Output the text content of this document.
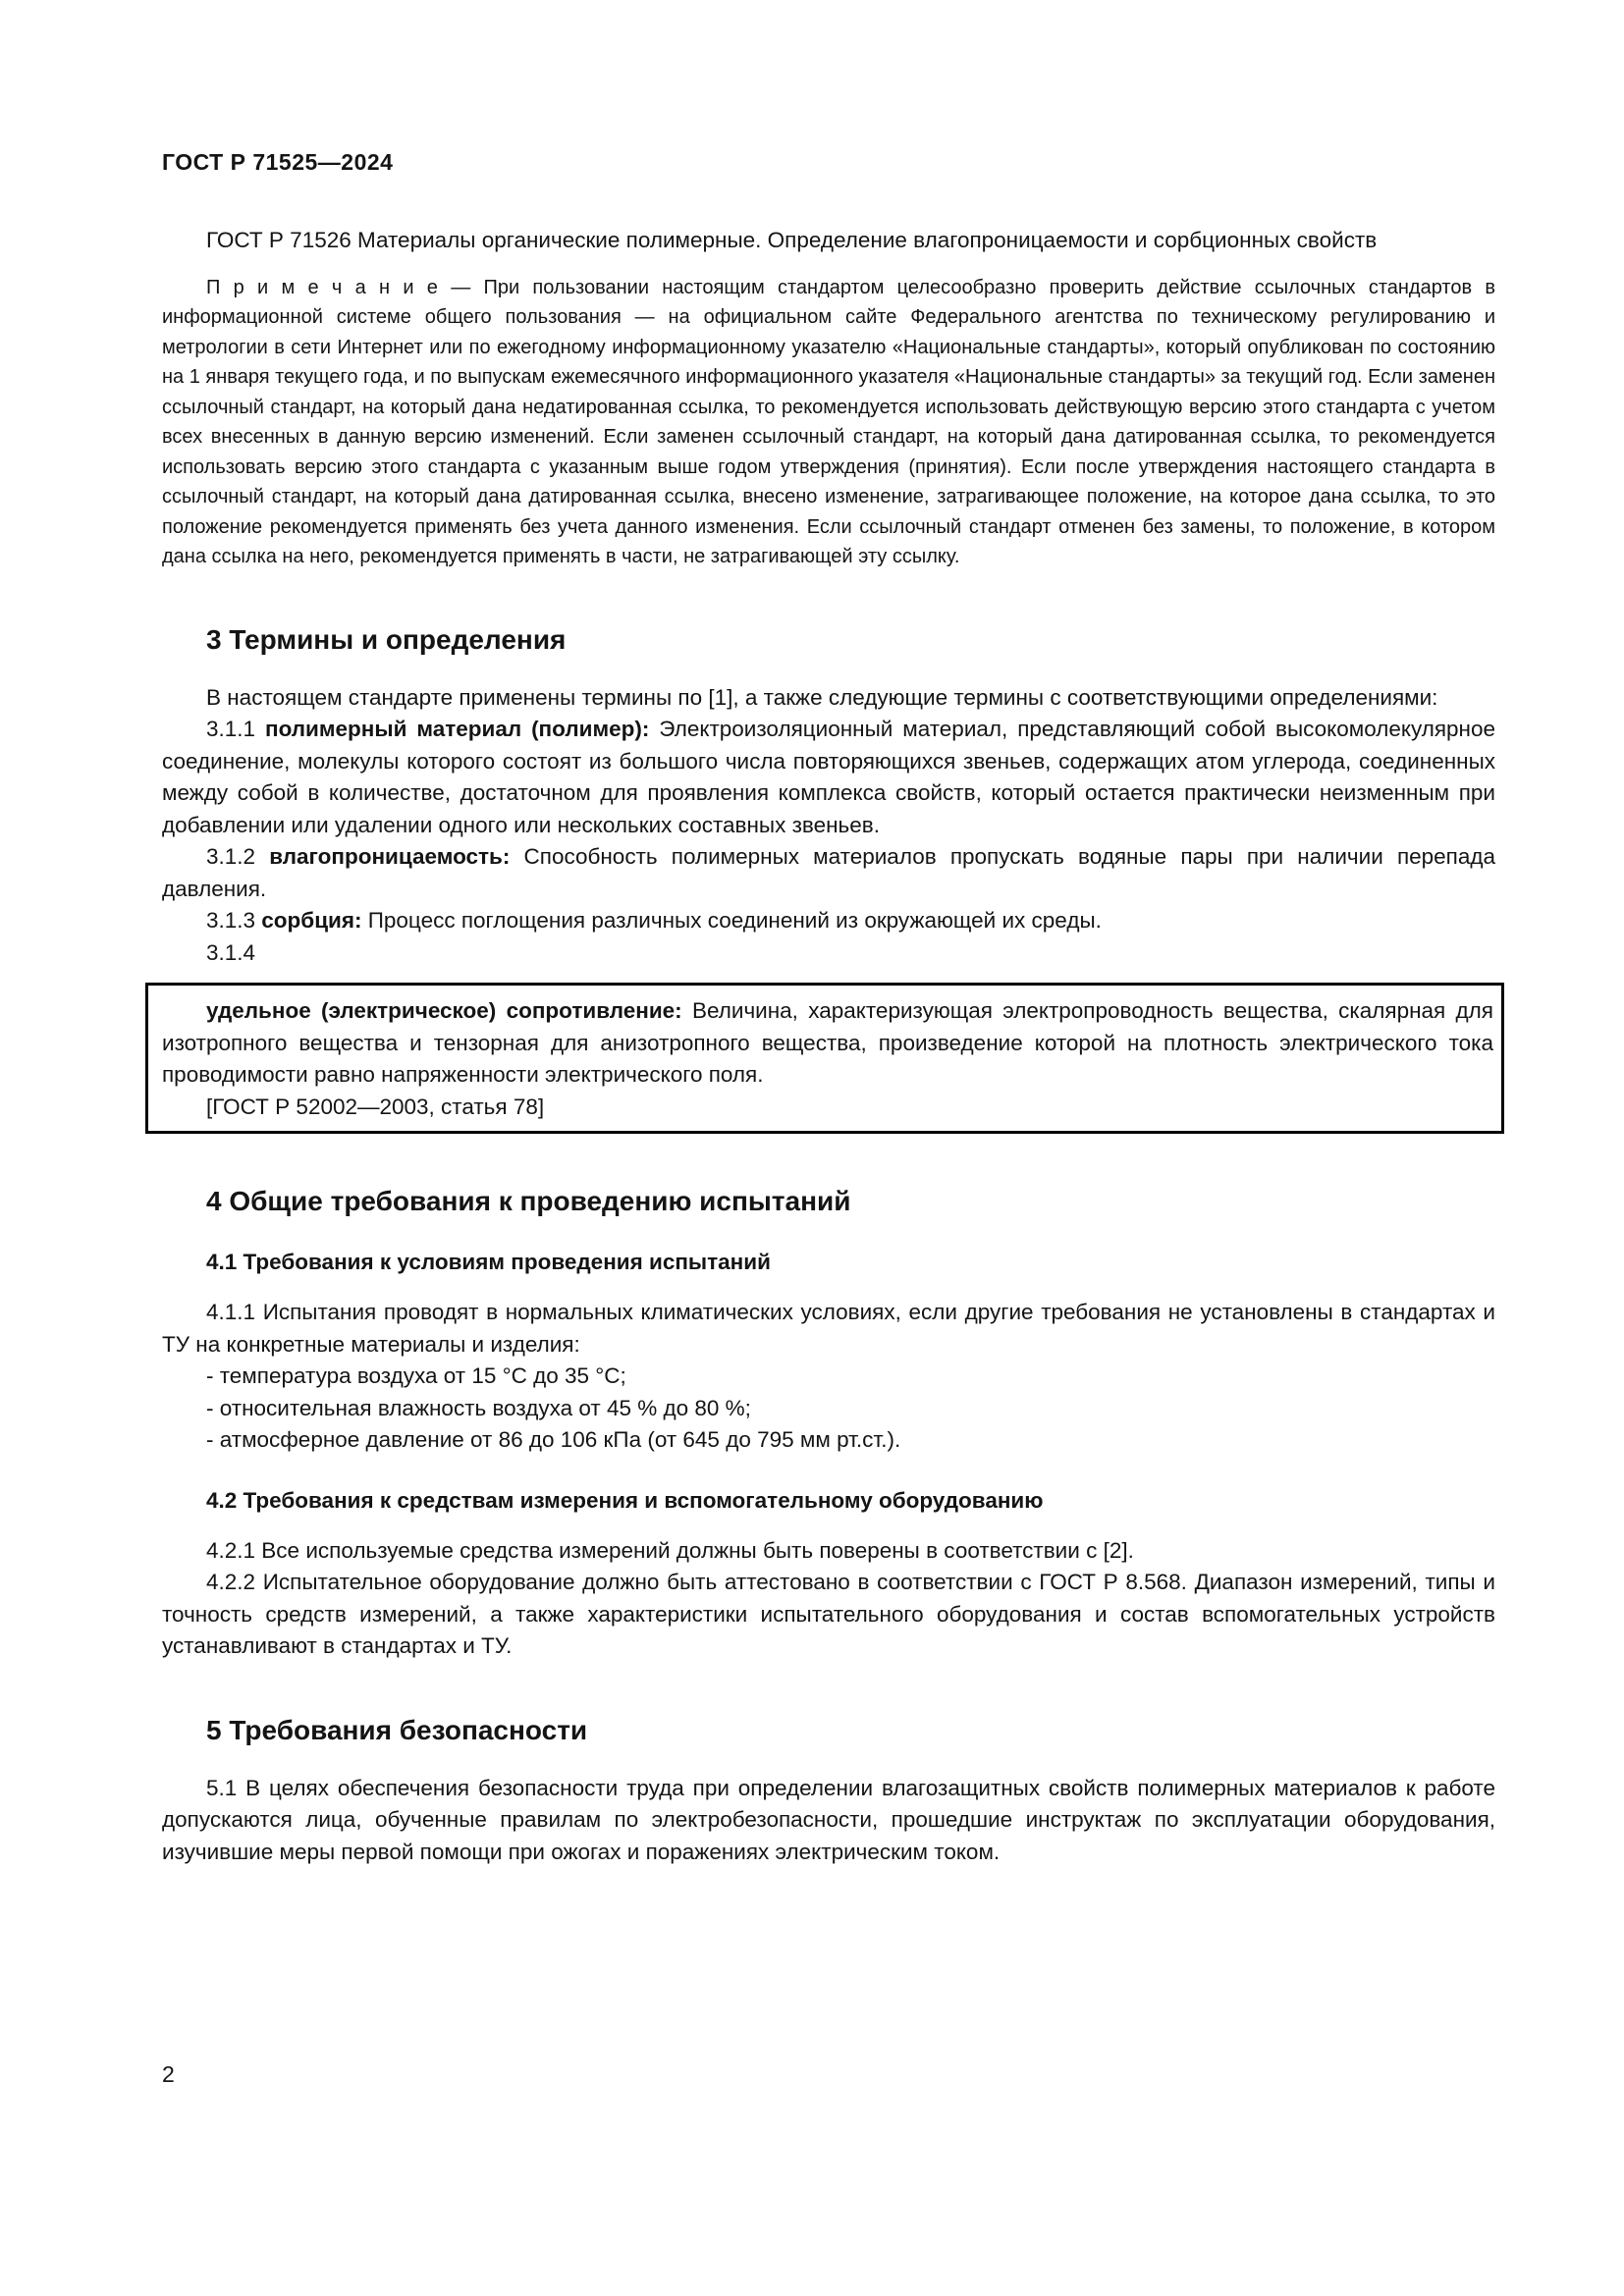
ГОСТ Р 71525—2024

ГОСТ Р 71526 Материалы органические полимерные. Определение влагопроницаемости и сорбционных свойств

П р и м е ч а н и е — При пользовании настоящим стандартом целесообразно проверить действие ссылочных стандартов в информационной системе общего пользования — на официальном сайте Федерального агентства по техническому регулированию и метрологии в сети Интернет или по ежегодному информационному указателю «Национальные стандарты», который опубликован по состоянию на 1 января текущего года, и по выпускам ежемесячного информационного указателя «Национальные стандарты» за текущий год. Если заменен ссылочный стандарт, на который дана недатированная ссылка, то рекомендуется использовать действующую версию этого стандарта с учетом всех внесенных в данную версию изменений. Если заменен ссылочный стандарт, на который дана датированная ссылка, то рекомендуется использовать версию этого стандарта с указанным выше годом утверждения (принятия). Если после утверждения настоящего стандарта в ссылочный стандарт, на который дана датированная ссылка, внесено изменение, затрагивающее положение, на которое дана ссылка, то это положение рекомендуется применять без учета данного изменения. Если ссылочный стандарт отменен без замены, то положение, в котором дана ссылка на него, рекомендуется применять в части, не затрагивающей эту ссылку.

3 Термины и определения

В настоящем стандарте применены термины по [1], а также следующие термины с соответствующими определениями:

3.1.1 полимерный материал (полимер): Электроизоляционный материал, представляющий собой высокомолекулярное соединение, молекулы которого состоят из большого числа повторяющихся звеньев, содержащих атом углерода, соединенных между собой в количестве, достаточном для проявления комплекса свойств, который остается практически неизменным при добавлении или удалении одного или нескольких составных звеньев.

3.1.2 влагопроницаемость: Способность полимерных материалов пропускать водяные пары при наличии перепада давления.

3.1.3 сорбция: Процесс поглощения различных соединений из окружающей их среды.

3.1.4

удельное (электрическое) сопротивление: Величина, характеризующая электропроводность вещества, скалярная для изотропного вещества и тензорная для анизотропного вещества, произведение которой на плотность электрического тока проводимости равно напряженности электрического поля.

[ГОСТ Р 52002—2003, статья 78]

4 Общие требования к проведению испытаний
4.1 Требования к условиям проведения испытаний

4.1.1 Испытания проводят в нормальных климатических условиях, если другие требования не установлены в стандартах и ТУ на конкретные материалы и изделия:

- температура воздуха от 15 °С до 35 °С;

- относительная влажность воздуха от 45 % до 80 %;

- атмосферное давление от 86 до 106 кПа (от 645 до 795 мм рт.ст.).

4.2 Требования к средствам измерения и вспомогательному оборудованию

4.2.1 Все используемые средства измерений должны быть поверены в соответствии с [2].

4.2.2 Испытательное оборудование должно быть аттестовано в соответствии с ГОСТ Р 8.568. Диапазон измерений, типы и точность средств измерений, а также характеристики испытательного оборудования и состав вспомогательных устройств устанавливают в стандартах и ТУ.

5 Требования безопасности

5.1 В целях обеспечения безопасности труда при определении влагозащитных свойств полимерных материалов к работе допускаются лица, обученные правилам по электробезопасности, прошедшие инструктаж по эксплуатации оборудования, изучившие меры первой помощи при ожогах и поражениях электрическим током.

2
